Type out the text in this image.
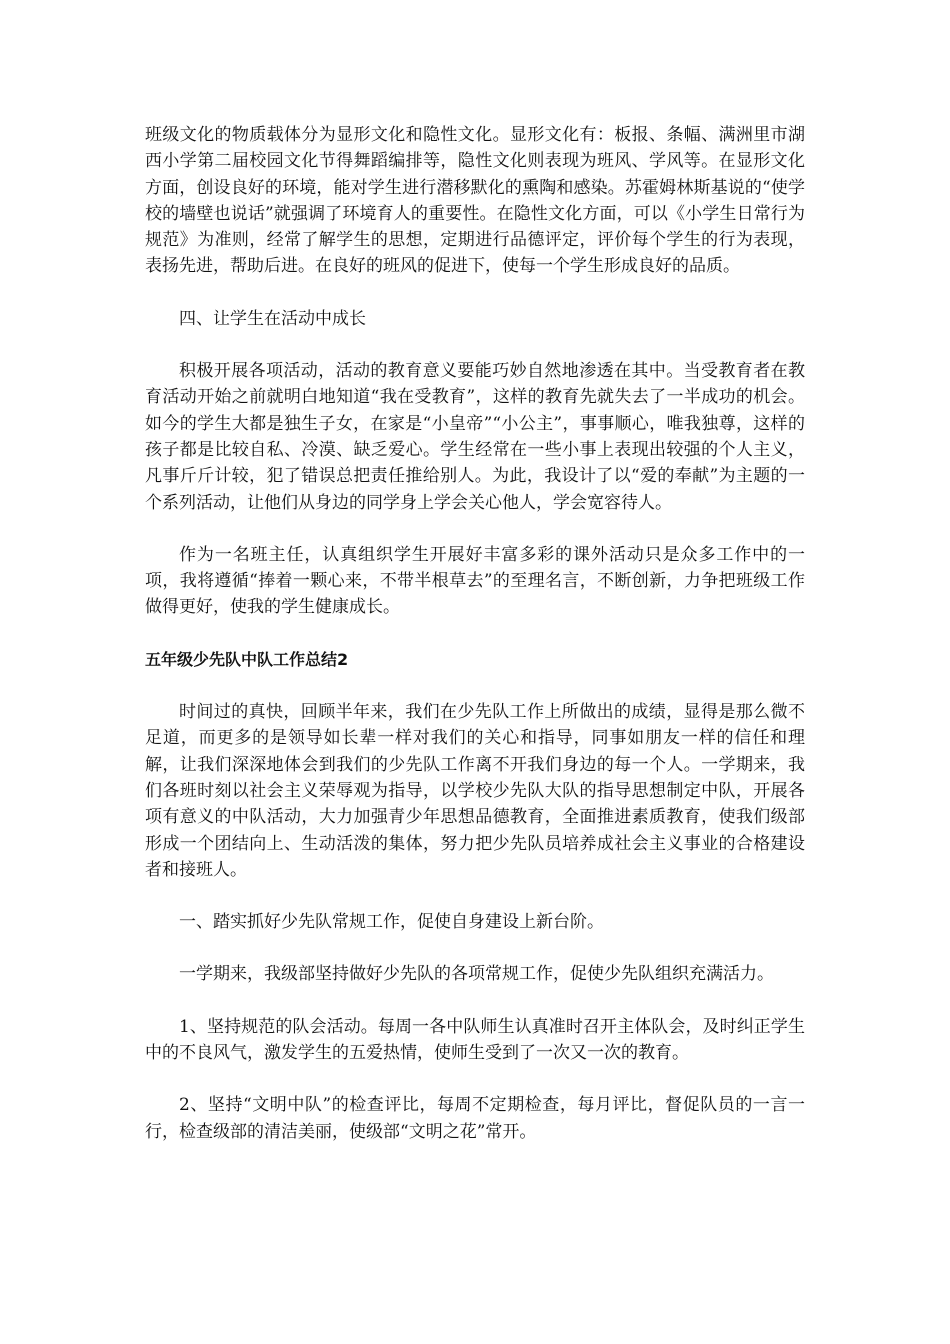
班级文化的物质载体分为显形文化和隐性文化。显形文化有：板报、条幅、满洲里市湖西小学第二届校园文化节得舞蹈编排等，隐性文化则表现为班风、学风等。在显形文化方面，创设良好的环境，能对学生进行潜移默化的熏陶和感染。苏霍姆林斯基说的“使学校的墙壁也说话”就强调了环境育人的重要性。在隐性文化方面，可以《小学生日常行为规范》为准则，经常了解学生的思想，定期进行品德评定，评价每个学生的行为表现，表扬先进，帮助后进。在良好的班风的促进下，使每一个学生形成良好的品质。

四、让学生在活动中成长

积极开展各项活动，活动的教育意义要能巧妙自然地渗透在其中。当受教育者在教育活动开始之前就明白地知道“我在受教育”，这样的教育先就失去了一半成功的机会。如今的学生大都是独生子女，在家是“小皇帝”“小公主”，事事顺心，唯我独尊，这样的孩子都是比较自私、冷漠、缺乏爱心。学生经常在一些小事上表现出较强的个人主义，凡事斤斤计较，犯了错误总把责任推给别人。为此，我设计了以“爱的奉献”为主题的一个系列活动，让他们从身边的同学身上学会关心他人，学会宽容待人。

作为一名班主任，认真组织学生开展好丰富多彩的课外活动只是众多工作中的一项，我将遵循“捧着一颗心来，不带半根草去”的至理名言，不断创新，力争把班级工作做得更好，使我的学生健康成长。

五年级少先队中队工作总结2

时间过的真快，回顾半年来，我们在少先队工作上所做出的成绩，显得是那么微不足道，而更多的是领导如长辈一样对我们的关心和指导，同事如朋友一样的信任和理解，让我们深深地体会到我们的少先队工作离不开我们身边的每一个人。一学期来，我们各班时刻以社会主义荣辱观为指导，以学校少先队大队的指导思想制定中队，开展各项有意义的中队活动，大力加强青少年思想品德教育，全面推进素质教育，使我们级部形成一个团结向上、生动活泼的集体，努力把少先队员培养成社会主义事业的合格建设者和接班人。

一、踏实抓好少先队常规工作，促使自身建设上新台阶。

一学期来，我级部坚持做好少先队的各项常规工作，促使少先队组织充满活力。

1、坚持规范的队会活动。每周一各中队师生认真准时召开主体队会，及时纠正学生中的不良风气，激发学生的五爱热情，使师生受到了一次又一次的教育。

2、坚持“文明中队”的检查评比，每周不定期检查，每月评比，督促队员的一言一行，检查级部的清洁美丽，使级部“文明之花”常开。
